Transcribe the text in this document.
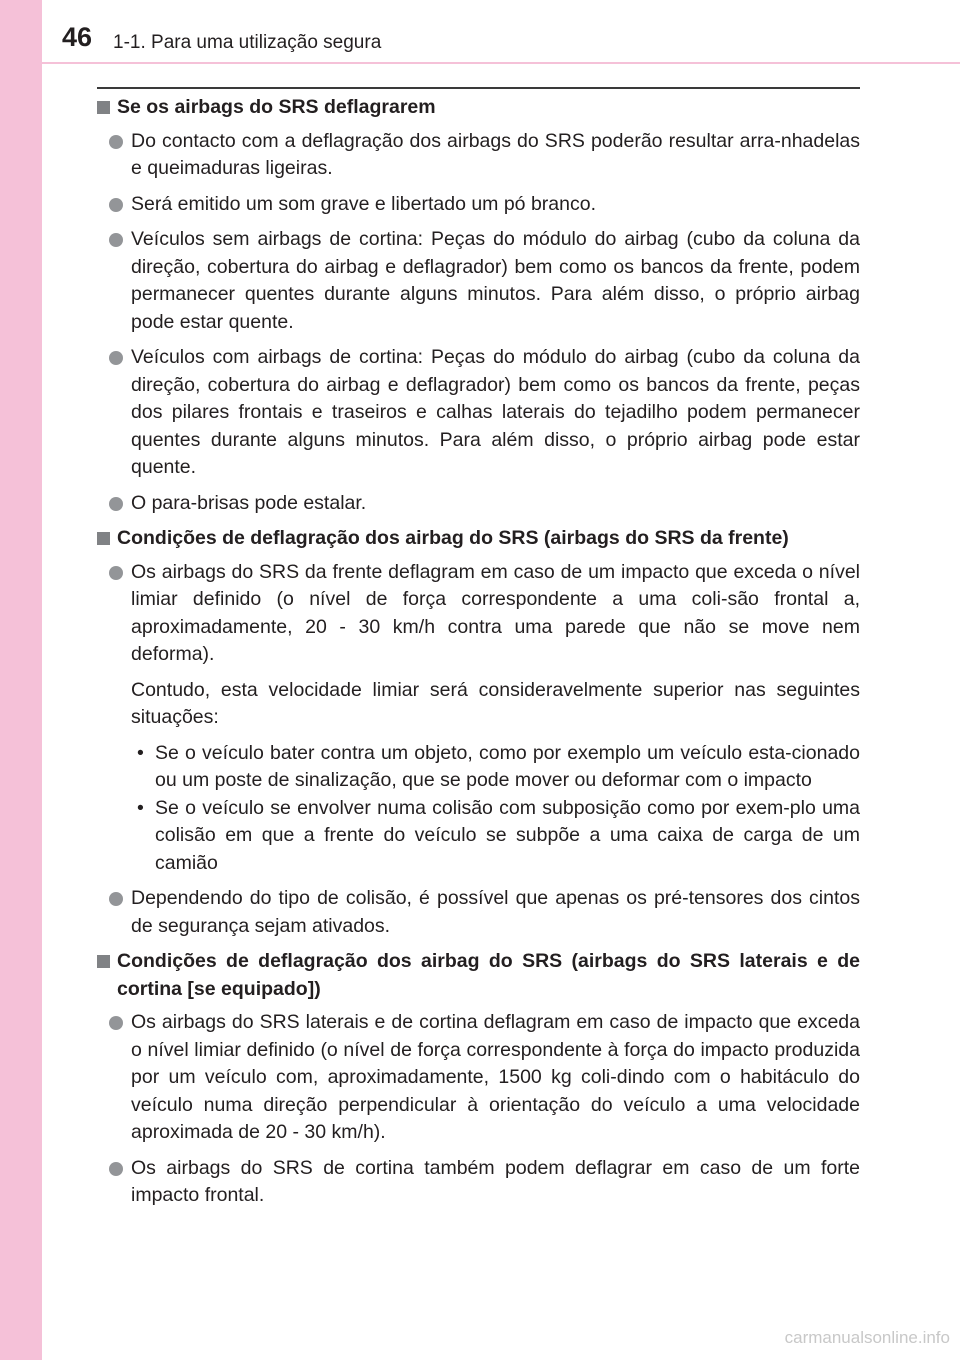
46 1-1. Para uma utilização segura
Se os airbags do SRS deflagrarem
Do contacto com a deflagração dos airbags do SRS poderão resultar arra-nhadelas e queimaduras ligeiras.
Será emitido um som grave e libertado um pó branco.
Veículos sem airbags de cortina: Peças do módulo do airbag (cubo da coluna da direção, cobertura do airbag e deflagrador) bem como os bancos da frente, podem permanecer quentes durante alguns minutos. Para além disso, o próprio airbag pode estar quente.
Veículos com airbags de cortina: Peças do módulo do airbag (cubo da coluna da direção, cobertura do airbag e deflagrador) bem como os bancos da frente, peças dos pilares frontais e traseiros e calhas laterais do tejadilho podem permanecer quentes durante alguns minutos. Para além disso, o próprio airbag pode estar quente.
O para-brisas pode estalar.
Condições de deflagração dos airbag do SRS (airbags do SRS da frente)
Os airbags do SRS da frente deflagram em caso de um impacto que exceda o nível limiar definido (o nível de força correspondente a uma coli-são frontal a, aproximadamente, 20 - 30 km/h contra uma parede que não se move nem deforma).
Contudo, esta velocidade limiar será consideravelmente superior nas seguintes situações:
• Se o veículo bater contra um objeto, como por exemplo um veículo esta-cionado ou um poste de sinalização, que se pode mover ou deformar com o impacto
• Se o veículo se envolver numa colisão com subposição como por exem-plo uma colisão em que a frente do veículo se subpõe a uma caixa de carga de um camião
Dependendo do tipo de colisão, é possível que apenas os pré-tensores dos cintos de segurança sejam ativados.
Condições de deflagração dos airbag do SRS (airbags do SRS laterais e de cortina [se equipado])
Os airbags do SRS laterais e de cortina deflagram em caso de impacto que exceda o nível limiar definido (o nível de força correspondente à força do impacto produzida por um veículo com, aproximadamente, 1500 kg coli-dindo com o habitáculo do veículo numa direção perpendicular à orientação do veículo a uma velocidade aproximada de 20 - 30 km/h).
Os airbags do SRS de cortina também podem deflagrar em caso de um forte impacto frontal.
carmanualsonline.info
